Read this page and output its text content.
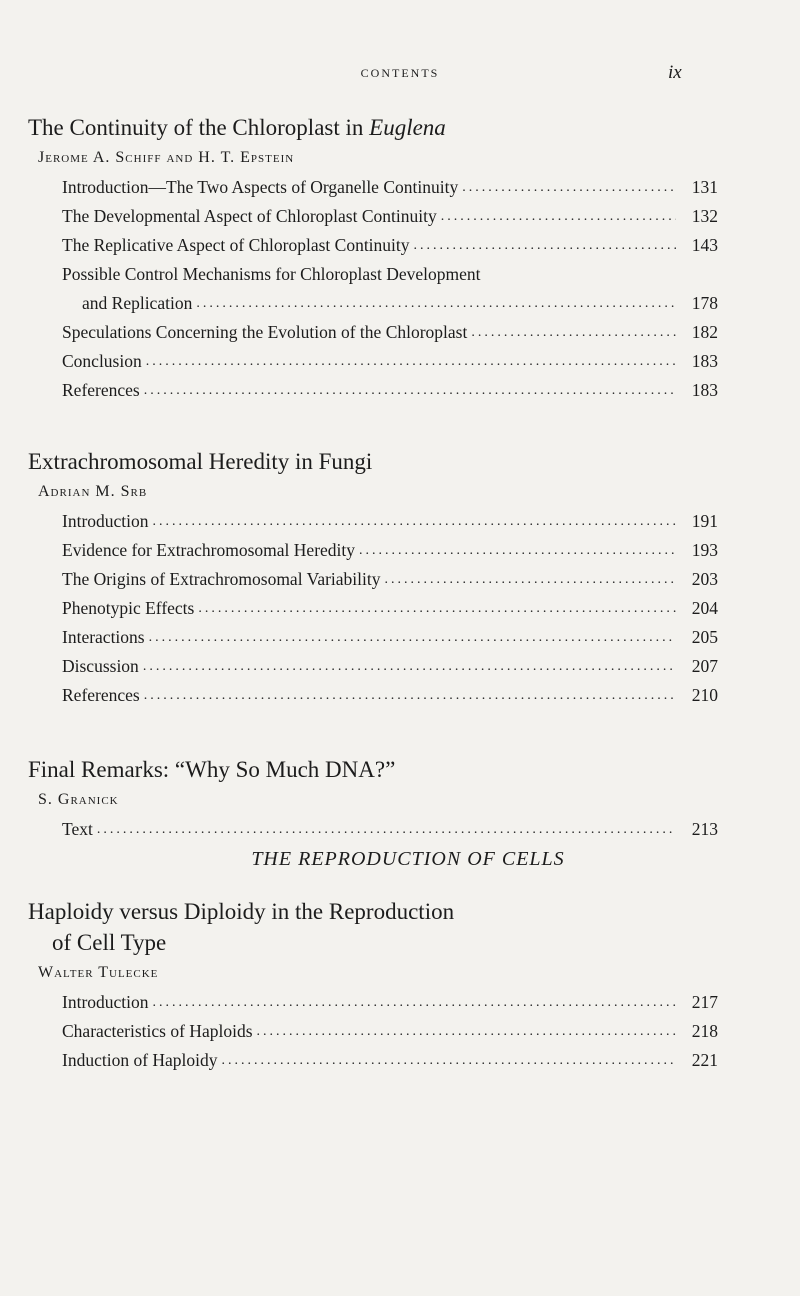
CONTENTS	ix
The Continuity of the Chloroplast in Euglena
Jerome A. Schiff and H. T. Epstein
Introduction—The Two Aspects of Organelle Continuity .....	131
The Developmental Aspect of Chloroplast Continuity .....	132
The Replicative Aspect of Chloroplast Continuity .....	143
Possible Control Mechanisms for Chloroplast Development
and Replication .....	178
Speculations Concerning the Evolution of the Chloroplast .....	182
Conclusion .....	183
References .....	183
Extrachromosomal Heredity in Fungi
Adrian M. Srb
Introduction .....	191
Evidence for Extrachromosomal Heredity .....	193
The Origins of Extrachromosomal Variability .....	203
Phenotypic Effects .....	204
Interactions .....	205
Discussion .....	207
References .....	210
Final Remarks: “Why So Much DNA?”
S. Granick
Text .....	213
THE REPRODUCTION OF CELLS
Haploidy versus Diploidy in the Reproduction
of Cell Type
Walter Tulecke
Introduction .....	217
Characteristics of Haploids .....	218
Induction of Haploidy .....	221
